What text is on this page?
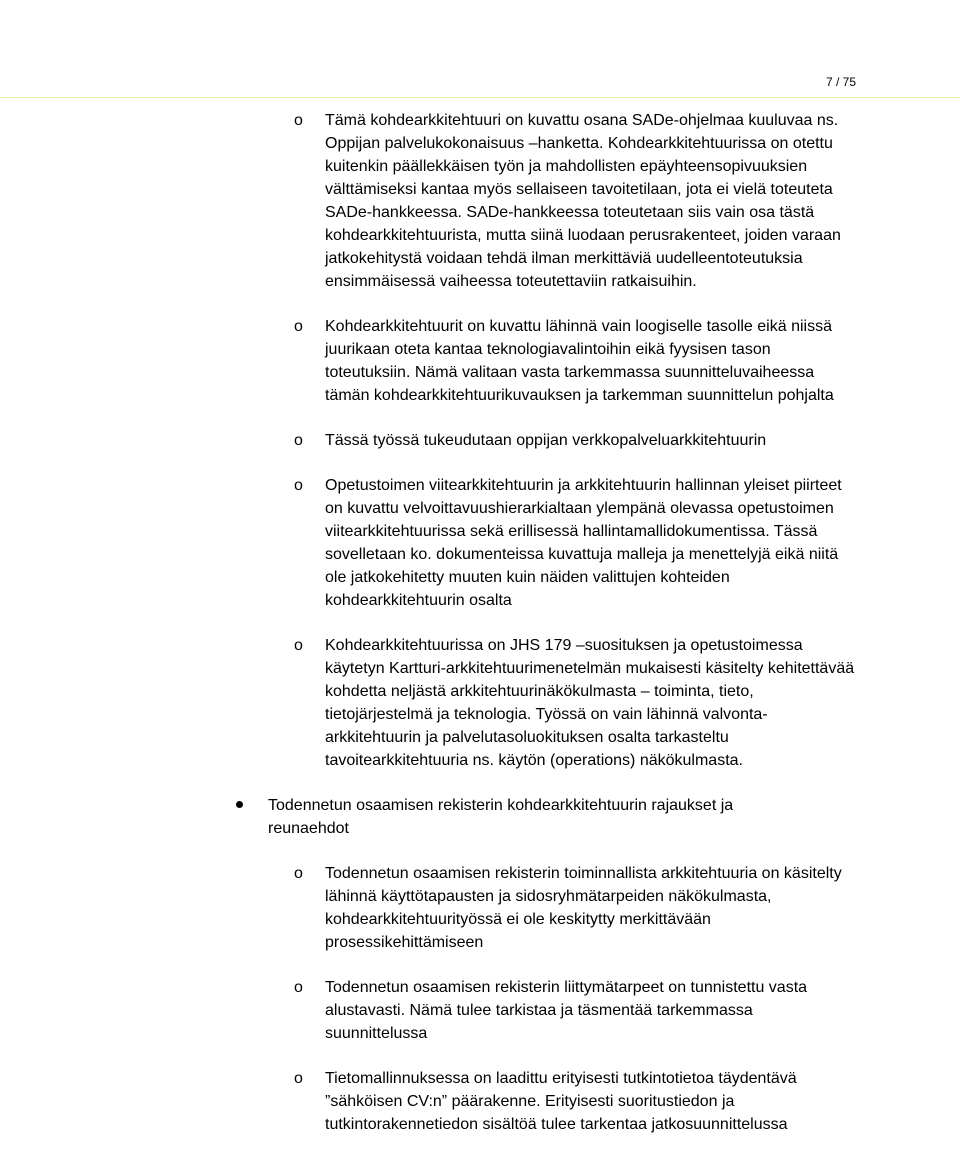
7 / 75
o Tämä kohdearkkitehtuuri on kuvattu osana SADe-ohjelmaa kuuluvaa ns. Oppijan palvelukokonaisuus –hanketta. Kohdearkkitehtuurissa on otettu kuitenkin päällekkäisen työn ja mahdollisten epäyhteensopivuuksien välttämiseksi kantaa myös sellaiseen tavoitetilaan, jota ei vielä toteuteta SADe-hankkeessa. SADe-hankkeessa toteutetaan siis vain osa tästä kohdearkkitehtuurista, mutta siinä luodaan perusrakenteet, joiden varaan jatkokehitystä voidaan tehdä ilman merkittäviä uudelleentoteutuksia ensimmäisessä vaiheessa toteutettaviin ratkaisuihin.
o Kohdearkkitehtuurit on kuvattu lähinnä vain loogiselle tasolle eikä niissä juurikaan oteta kantaa teknologiavalintoihin eikä fyysisen tason toteutuksiin. Nämä valitaan vasta tarkemmassa suunnitteluvaiheessa tämän kohdearkkitehtuurikuvauksen ja tarkemman suunnittelun pohjalta
o Tässä työssä tukeudutaan oppijan verkkopalveluarkkitehtuurin
o Opetustoimen viitearkkitehtuurin ja arkkitehtuurin hallinnan yleiset piirteet on kuvattu velvoittavuushierarkialtaan ylempänä olevassa opetustoimen viitearkkitehtuurissa sekä erillisessä hallintamallidokumentissa. Tässä sovelletaan ko. dokumenteissa kuvattuja malleja ja menettelyjä eikä niitä ole jatkokehitetty muuten kuin näiden valittujen kohteiden kohdearkkitehtuurin osalta
o Kohdearkkitehtuurissa on JHS 179 –suosituksen ja opetustoimessa käytetyn Kartturi-arkkitehtuurimenetelmän mukaisesti käsitelty kehitettävää kohdetta neljästä arkkitehtuurinäkökulmasta – toiminta, tieto, tietojärjestelmä ja teknologia. Työssä on vain lähinnä valvonta-arkkitehtuurin ja palvelutasoluokituksen osalta tarkasteltu tavoitearkkitehtuuria ns. käytön (operations) näkökulmasta.
Todennetun osaamisen rekisterin kohdearkkitehtuurin rajaukset ja reunaehdot
o Todennetun osaamisen rekisterin toiminnallista arkkitehtuuria on käsitelty lähinnä käyttötapausten ja sidosryhmätarpeiden näkökulmasta, kohdearkkitehtuurityössä ei ole keskitytty merkittävään prosessikehittämiseen
o Todennetun osaamisen rekisterin liittymätarpeet on tunnistettu vasta alustavasti. Nämä tulee tarkistaa ja täsmentää tarkemmassa suunnittelussa
o Tietomallinnuksessa on laadittu erityisesti tutkintotietoa täydentävä ”sähköisen CV:n” päärakenne. Erityisesti suoritustiedon ja tutkintorakennetiedon sisältöä tulee tarkentaa jatkosuunnittelussa
